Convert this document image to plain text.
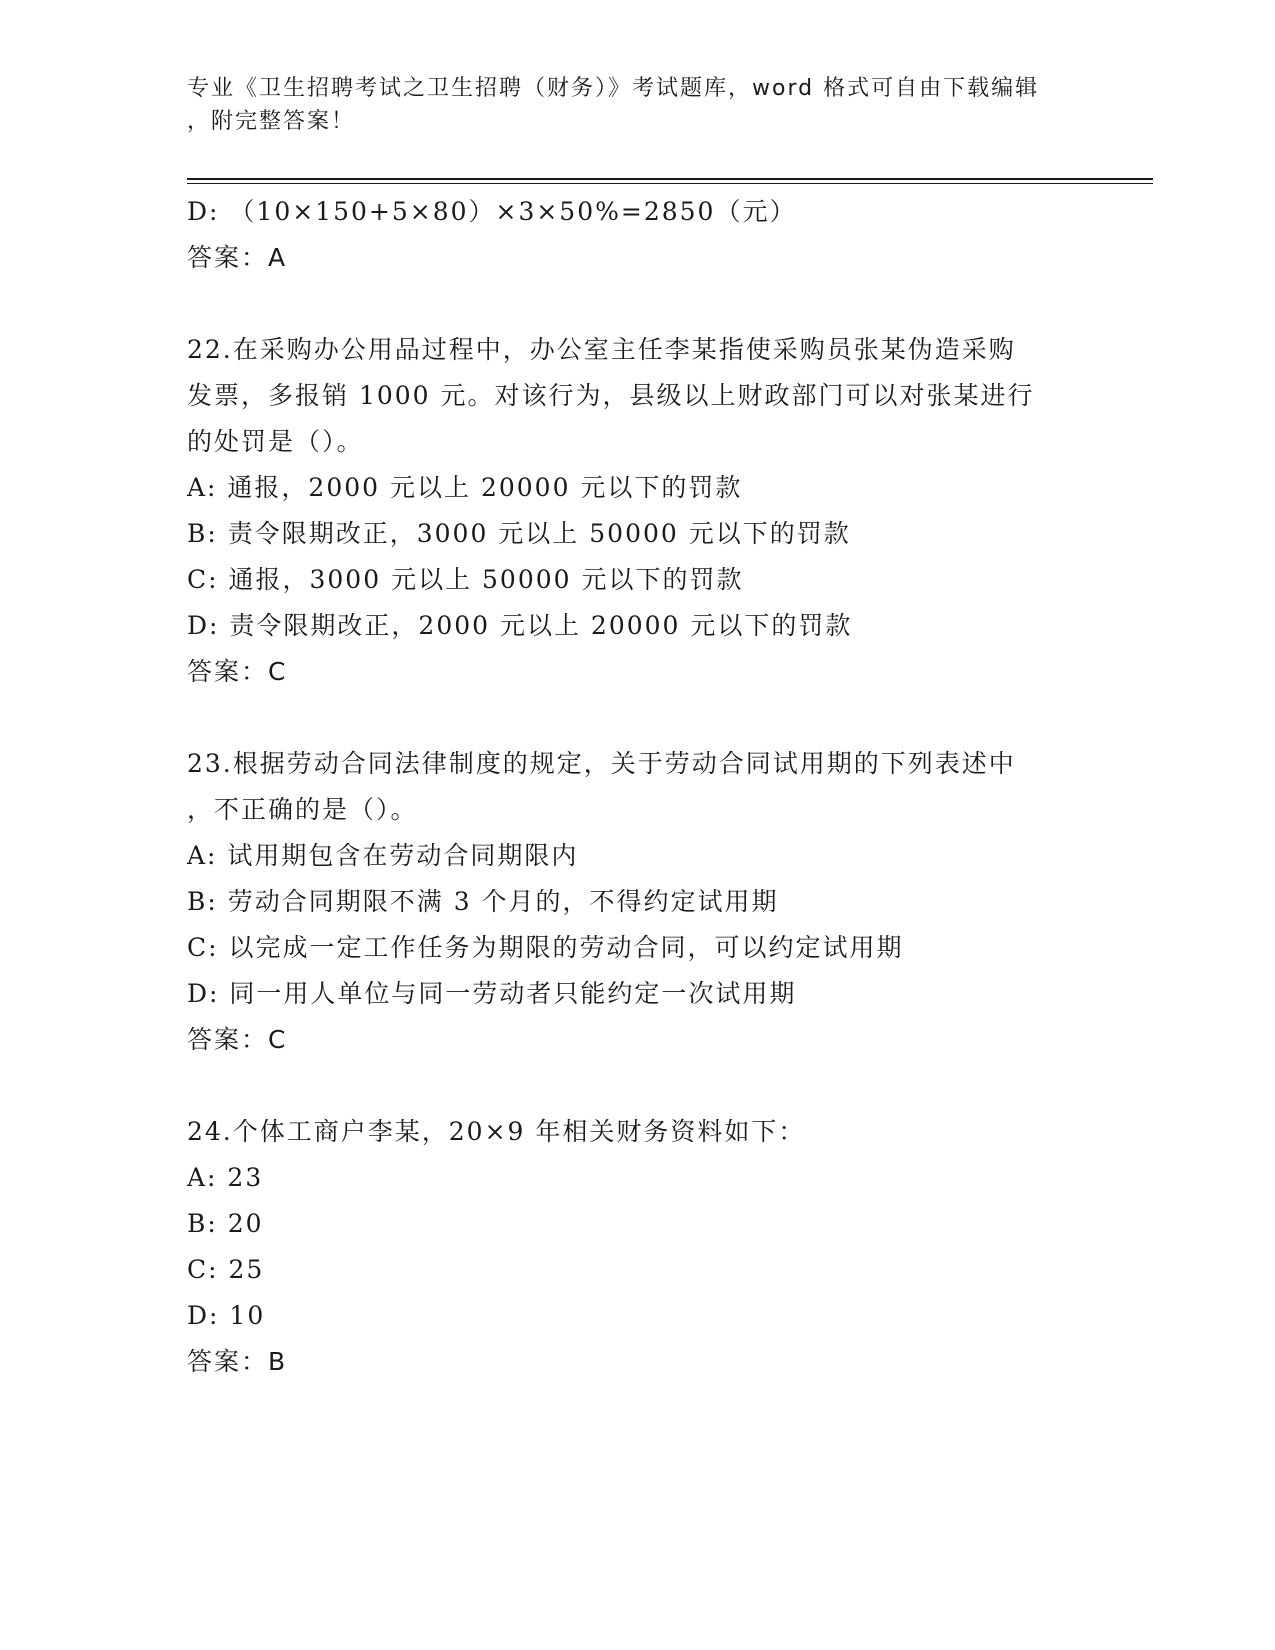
专业《卫生招聘考试之卫生招聘（财务）》考试题库，word 格式可自由下载编辑
，附完整答案！
D: （10×150+5×80）×3×50%=2850（元）
答案：A
22.在采购办公用品过程中，办公室主任李某指使采购员张某伪造采购
发票，多报销 1000 元。对该行为，县级以上财政部门可以对张某进行
的处罚是（）。
A: 通报，2000 元以上 20000 元以下的罚款
B: 责令限期改正，3000 元以上 50000 元以下的罚款
C: 通报，3000 元以上 50000 元以下的罚款
D: 责令限期改正，2000 元以上 20000 元以下的罚款
答案：C
23.根据劳动合同法律制度的规定，关于劳动合同试用期的下列表述中
，不正确的是（）。
A: 试用期包含在劳动合同期限内
B: 劳动合同期限不满 3 个月的，不得约定试用期
C: 以完成一定工作任务为期限的劳动合同，可以约定试用期
D: 同一用人单位与同一劳动者只能约定一次试用期
答案：C
24.个体工商户李某，20×9 年相关财务资料如下：
A: 23
B: 20
C: 25
D: 10
答案：B
